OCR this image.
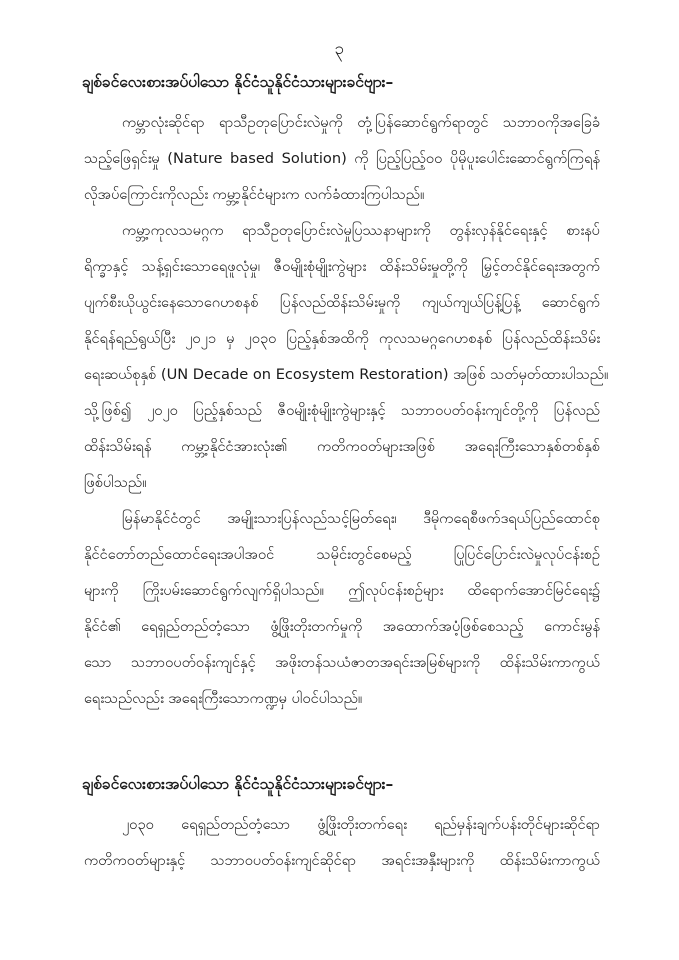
၃
ချစ်ခင်လေးစားအပ်ပါသော နိုင်ငံသူနိုင်ငံသားများခင်ဗျား–
ကမ္ဘာလုံးဆိုင်ရာ ရာသီဥတုပြောင်းလဲမှုကို တုံ့ပြန်ဆောင်ရွက်ရာတွင် သဘာဝကိုအခြေခံ
သည့်ဖြေရှင်းမှု (Nature based Solution) ကို ပြည့်ပြည့်ဝဝ ပိုမိုပူးပေါင်းဆောင်ရွက်ကြရန်
လိုအပ်ကြောင်းကိုလည်း ကမ္ဘာ့နိုင်ငံများက လက်ခံထားကြပါသည်။
ကမ္ဘာ့ကုလသမဂ္ဂက ရာသီဥတုပြောင်းလဲမှုပြဿနာများကို တွန်းလှန်နိုင်ရေးနှင့် စားနပ်
ရိက္ခာနှင့် သန့်ရှင်းသောရေဖူလုံမှု၊ ဇီဝမျိုးစုံမျိုးကွဲများ ထိန်းသိမ်းမှုတို့ကို မြှင့်တင်နိုင်ရေးအတွက်
ပျက်စီးယိုယွင်းနေသောဂေဟစနစ် ပြန်လည်ထိန်းသိမ်းမှုကို ကျယ်ကျယ်ပြန့်ပြန့် ဆောင်ရွက်
နိုင်ရန်ရည်ရွယ်ပြီး ၂၀၂၁ မှ ၂၀၃၀ ပြည့်နှစ်အထိကို ကုလသမဂ္ဂဂေဟစနစ် ပြန်လည်ထိန်းသိမ်း
ရေးဆယ်စုနှစ် (UN Decade on Ecosystem Restoration) အဖြစ် သတ်မှတ်ထားပါသည်။
သို့ဖြစ်၍ ၂၀၂၀ ပြည့်နှစ်သည် ဇီဝမျိုးစုံမျိုးကွဲများနှင့် သဘာဝပတ်ဝန်းကျင်တို့ကို ပြန်လည်
ထိန်းသိမ်းရန် ကမ္ဘာ့နိုင်ငံအားလုံး၏ ကတိကဝတ်များအဖြစ် အရေးကြီးသောနှစ်တစ်နှစ်
ဖြစ်ပါသည်။
မြန်မာနိုင်ငံတွင် အမျိုးသားပြန်လည်သင့်မြတ်ရေး၊ ဒီမိုကရေစီဖက်ဒရယ်ပြည်ထောင်စု
နိုင်ငံတော်တည်ထောင်ရေးအပါအဝင် သမိုင်းတွင်စေမည့် ပြုပြင်ပြောင်းလဲမှုလုပ်ငန်းစဉ်
များကို ကြိုးပမ်းဆောင်ရွက်လျက်ရှိပါသည်။ ဤလုပ်ငန်းစဉ်များ ထိရောက်အောင်မြင်ရေး၌
နိုင်ငံ၏ ရေရှည်တည်တံ့သော ဖွံ့ဖြိုးတိုးတက်မှုကို အထောက်အပံ့ဖြစ်စေသည့် ကောင်းမွန်
သော သဘာဝပတ်ဝန်းကျင်နှင့် အဖိုးတန်သယံဇာတအရင်းအမြစ်များကို ထိန်းသိမ်းကာကွယ်
ရေးသည်လည်း အရေးကြီးသောကဏ္ဍမှ ပါဝင်ပါသည်။
ချစ်ခင်လေးစားအပ်ပါသော နိုင်ငံသူနိုင်ငံသားများခင်ဗျား–
၂၀၃၀ ရေရှည်တည်တံ့သော ဖွံ့ဖြိုးတိုးတက်ရေး ရည်မှန်းချက်ပန်းတိုင်များဆိုင်ရာ
ကတိကဝတ်များနှင့် သဘာဝပတ်ဝန်းကျင်ဆိုင်ရာ အရင်းအနှီးများကို ထိန်းသိမ်းကာကွယ်
